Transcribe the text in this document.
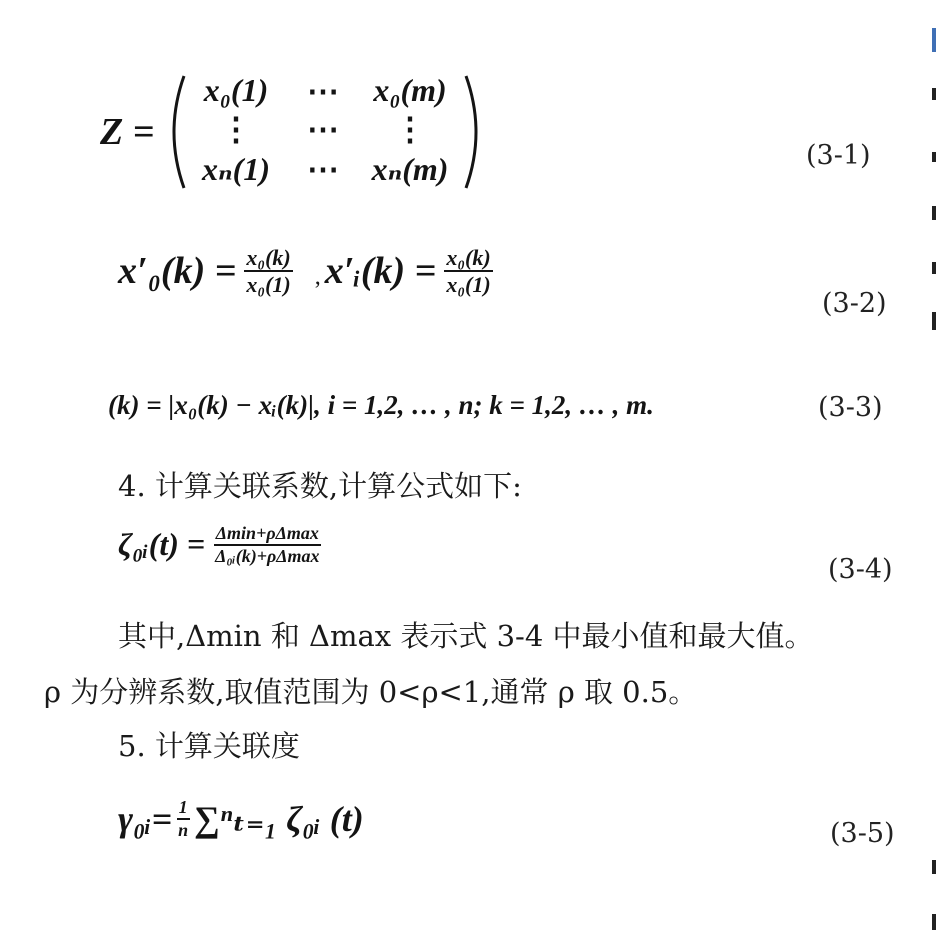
Z =
x₀(1)	⋯	x₀(m)
⋮	⋯	⋮
xₙ(1)	⋯	xₙ(m)	(3-1)
$x'_0(k) = \frac{\text{x₀(k)}}{\text{x₀(1)}}$ , x′ᵢ(k) = $\frac{\text{x₀(k)}}{\text{x₀(1)}}$
(3-2)
(k) = |x₀(k) − xᵢ(k)|, i = 1,2, … , n; k = 1,2, … , m.	(3-3)
4. 计算关联系数,计算公式如下:
ζ₀ᵢ(t) = $\frac{\Delta\min+\rho\Delta\max}{\text{Δ₀ᵢ(k)+ρΔmax}}$
(3-4)
其中,Δmin 和 Δmax 表示式 3-4 中最小值和最大值。
ρ 为分辨系数,取值范围为 0<ρ<1,通常 ρ 取 0.5。
5. 计算关联度
γ₀ᵢ= $\frac{1}{n} \sum^n_{t=1}$ ζ₀ᵢ (t)	(3-5)
